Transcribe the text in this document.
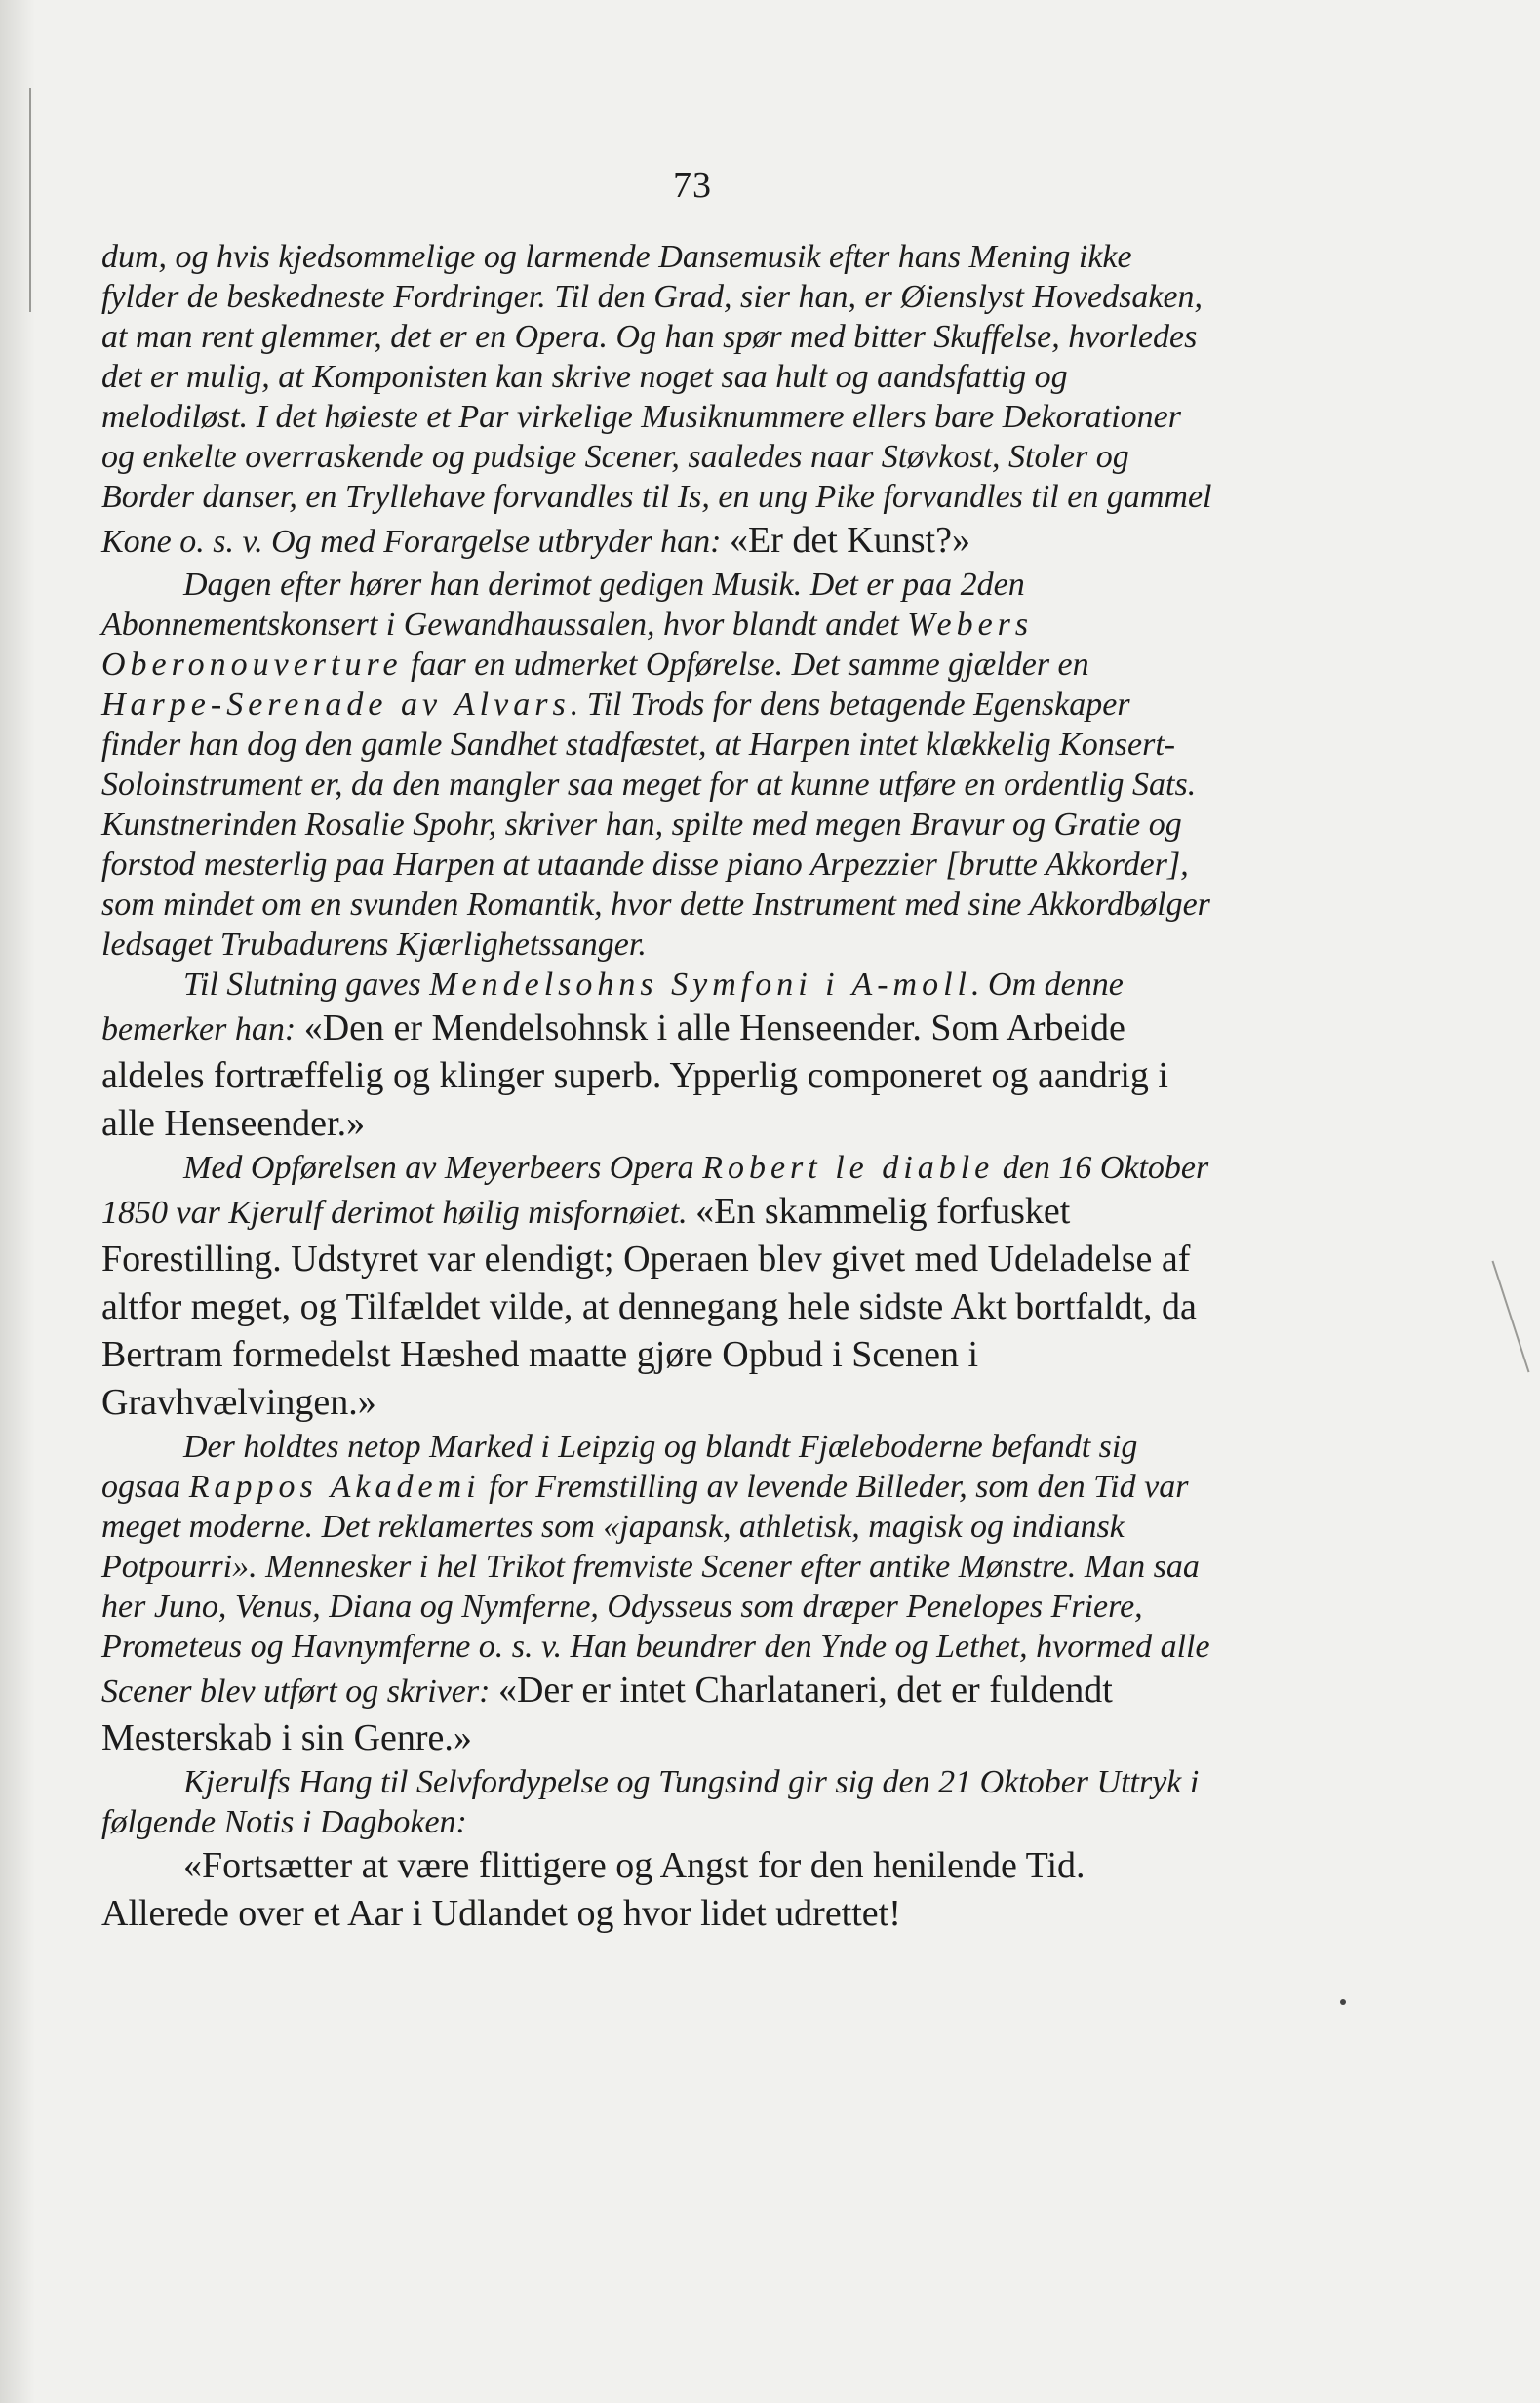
73

dum, og hvis kjedsommelige og larmende Dansemusik efter hans Mening ikke fylder de beskedneste Fordringer. Til den Grad, sier han, er Øienslyst Hovedsaken, at man rent glemmer, det er en Opera. Og han spør med bitter Skuffelse, hvorledes det er mulig, at Komponisten kan skrive noget saa hult og aandsfattig og melodiløst. I det høieste et Par virkelige Musiknummere ellers bare Dekorationer og enkelte overraskende og pudsige Scener, saaledes naar Støvkost, Stoler og Border danser, en Tryllehave forvandles til Is, en ung Pike forvandles til en gammel Kone o. s. v. Og med Forargelse utbryder han: «Er det Kunst?»

Dagen efter hører han derimot gedigen Musik. Det er paa 2den Abonnementskonsert i Gewandhaussalen, hvor blandt andet Webers Oberonouverture faar en udmerket Opførelse. Det samme gjælder en Harpe-Serenade av Alvars. Til Trods for dens betagende Egenskaper finder han dog den gamle Sandhet stadfæstet, at Harpen intet klækkelig Konsert-Soloinstrument er, da den mangler saa meget for at kunne utføre en ordentlig Sats. Kunstnerinden Rosalie Spohr, skriver han, spilte med megen Bravur og Gratie og forstod mesterlig paa Harpen at utaande disse piano Arpezzier [brutte Akkorder], som mindet om en svunden Romantik, hvor dette Instrument med sine Akkordbølger ledsaget Trubadurens Kjærlighetssanger.

Til Slutning gaves Mendelsohns Symfoni i A-moll. Om denne bemerker han: «Den er Mendelsohnsk i alle Henseender. Som Arbeide aldeles fortræffelig og klinger superb. Ypperlig componeret og aandrig i alle Henseender.»

Med Opførelsen av Meyerbeers Opera Robert le diable den 16 Oktober 1850 var Kjerulf derimot høilig misfornøiet. «En skammelig forfusket Forestilling. Udstyret var elendigt; Operaen blev givet med Udeladelse af altfor meget, og Tilfældet vilde, at dennegang hele sidste Akt bortfaldt, da Bertram formedelst Hæshed maatte gjøre Opbud i Scenen i Gravhvælvingen.»

Der holdtes netop Marked i Leipzig og blandt Fjæleboderne befandt sig ogsaa Rappos Akademi for Fremstilling av levende Billeder, som den Tid var meget moderne. Det reklamertes som «japansk, athletisk, magisk og indiansk Potpourri». Mennesker i hel Trikot fremviste Scener efter antike Mønstre. Man saa her Juno, Venus, Diana og Nymferne, Odysseus som dræper Penelopes Friere, Prometeus og Havnymferne o. s. v. Han beundrer den Ynde og Lethet, hvormed alle Scener blev utført og skriver: «Der er intet Charlataneri, det er fuldendt Mesterskab i sin Genre.»

Kjerulfs Hang til Selvfordypelse og Tungsind gir sig den 21 Oktober Uttryk i følgende Notis i Dagboken:

«Fortsætter at være flittigere og Angst for den henilende Tid. Allerede over et Aar i Udlandet og hvor lidet udrettet!
